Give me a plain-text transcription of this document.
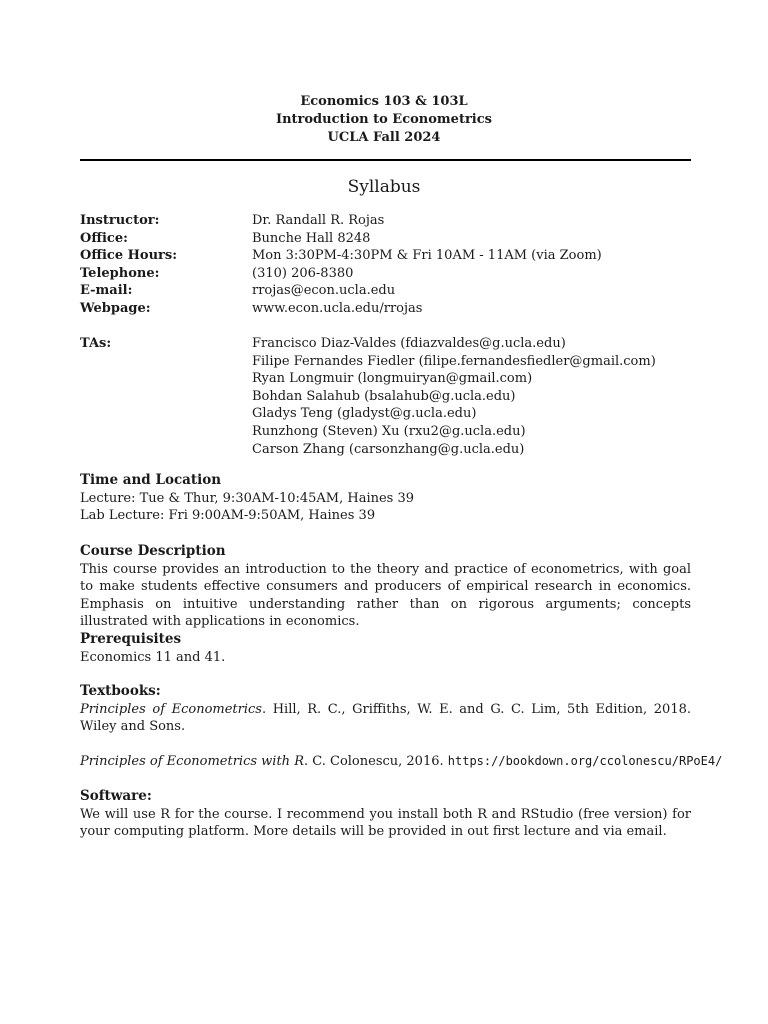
Economics 103 & 103L
Introduction to Econometrics
UCLA Fall 2024
Syllabus
Instructor:	Dr. Randall R. Rojas
Office:	Bunche Hall 8248
Office Hours:	Mon 3:30PM-4:30PM & Fri 10AM - 11AM (via Zoom)
Telephone:	(310) 206-8380
E-mail:	rrojas@econ.ucla.edu
Webpage:	www.econ.ucla.edu/rrojas
TAs:	Francisco Diaz-Valdes (fdiazvaldes@g.ucla.edu)
Filipe Fernandes Fiedler (filipe.fernandesfiedler@gmail.com)
Ryan Longmuir (longmuiryan@gmail.com)
Bohdan Salahub (bsalahub@g.ucla.edu)
Gladys Teng (gladyst@g.ucla.edu)
Runzhong (Steven) Xu (rxu2@g.ucla.edu)
Carson Zhang (carsonzhang@g.ucla.edu)
Time and Location
Lecture: Tue & Thur, 9:30AM-10:45AM, Haines 39
Lab Lecture: Fri 9:00AM-9:50AM, Haines 39
Course Description
This course provides an introduction to the theory and practice of econometrics, with goal to make students effective consumers and producers of empirical research in economics. Emphasis on intuitive understanding rather than on rigorous arguments; concepts illustrated with applications in economics.
Prerequisites
Economics 11 and 41.
Textbooks:
Principles of Econometrics. Hill, R. C., Griffiths, W. E. and G. C. Lim, 5th Edition, 2018. Wiley and Sons.
Principles of Econometrics with R. C. Colonescu, 2016. https://bookdown.org/ccolonescu/RPoE4/
Software:
We will use R for the course. I recommend you install both R and RStudio (free version) for your computing platform. More details will be provided in out first lecture and via email.
